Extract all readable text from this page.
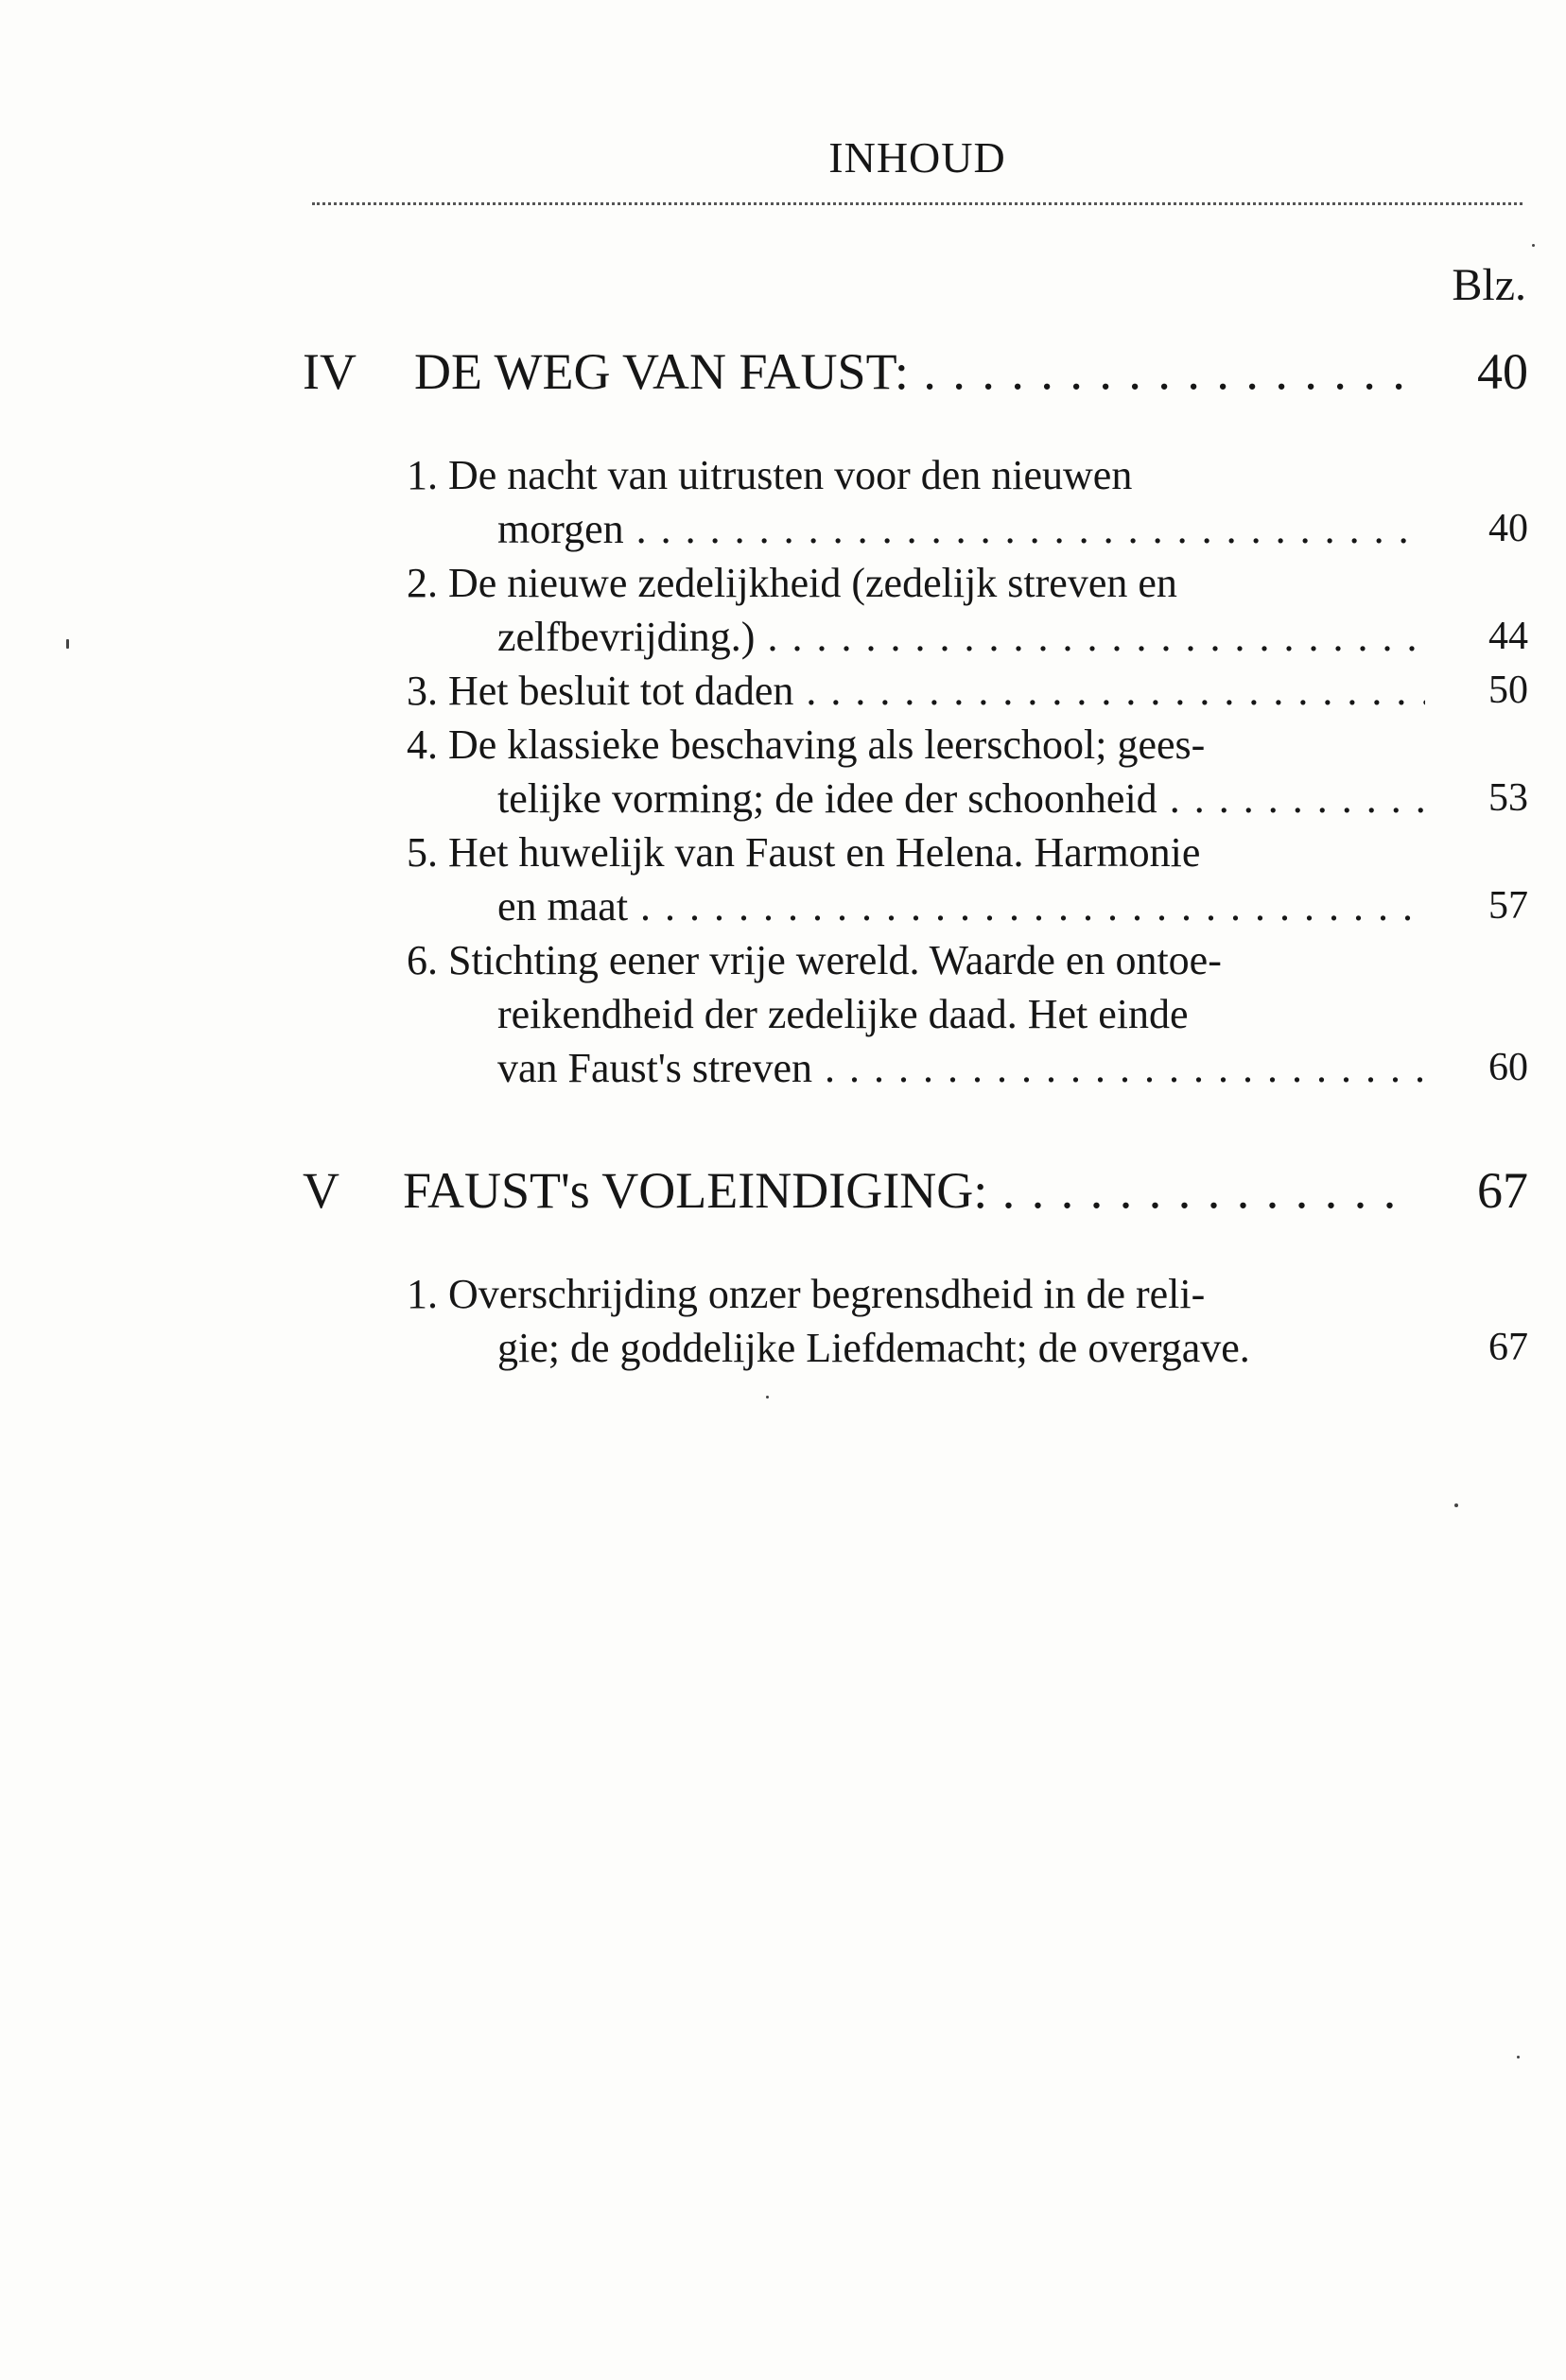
INHOUD
Blz.
IV DE WEG VAN FAUST: . . .	40
1. De nacht van uitrusten voor den nieuwen
morgen . . .	40
2. De nieuwe zedelijkheid (zedelijk streven en
zelfbevrijding.) . . .	44
3. Het besluit tot daden . . .	50
4. De klassieke beschaving als leerschool; gees-
telijke vorming; de idee der schoonheid . . .	53
5. Het huwelijk van Faust en Helena. Harmonie
en maat . . .	57
6. Stichting eener vrije wereld. Waarde en ontoe-
reikendheid der zedelijke daad. Het einde
van Faust's streven . . .	60
V FAUST's VOLEINDIGING: . . .	67
1. Overschrijding onzer begrensdheid in de reli-
gie; de goddelijke Liefdemacht; de overgave.	67
